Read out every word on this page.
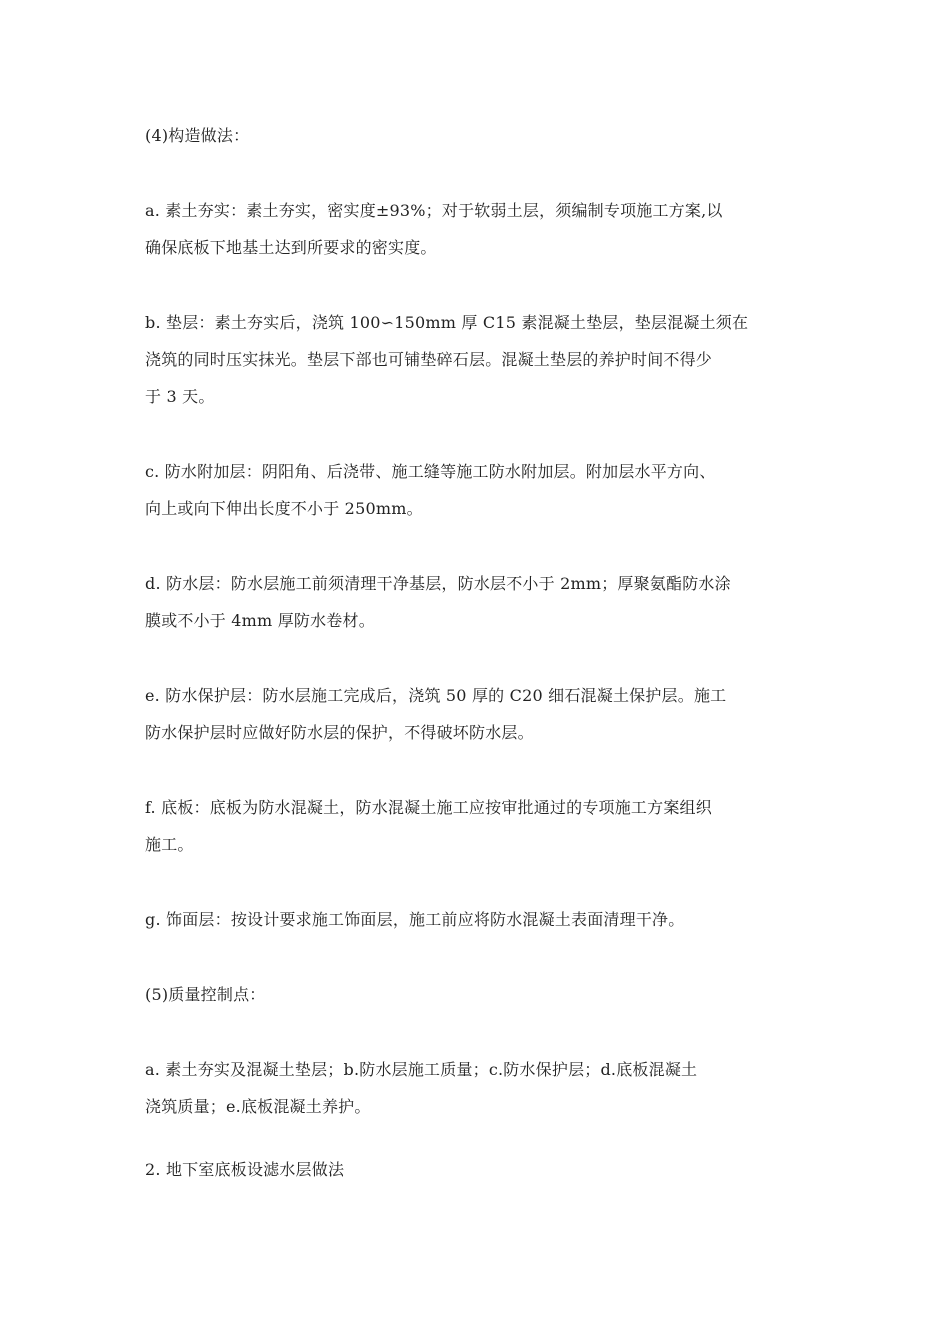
(4)构造做法：
a. 素土夯实：素土夯实，密实度±93%；对于软弱土层，须编制专项施工方案,以
确保底板下地基土达到所要求的密实度。
b. 垫层：素土夯实后，浇筑 100∽150mm 厚 C15 素混凝土垫层，垫层混凝土须在
浇筑的同时压实抹光。垫层下部也可铺垫碎石层。混凝土垫层的养护时间不得少
于 3 天。
c. 防水附加层：阴阳角、后浇带、施工缝等施工防水附加层。附加层水平方向、
向上或向下伸出长度不小于 250mm。
d. 防水层：防水层施工前须清理干净基层，防水层不小于 2mm；厚聚氨酯防水涂
膜或不小于 4mm 厚防水卷材。
e. 防水保护层：防水层施工完成后，浇筑 50 厚的 C20 细石混凝土保护层。施工
防水保护层时应做好防水层的保护，不得破坏防水层。
f. 底板：底板为防水混凝土，防水混凝土施工应按审批通过的专项施工方案组织
施工。
g. 饰面层：按设计要求施工饰面层，施工前应将防水混凝土表面清理干净。
(5)质量控制点：
a. 素土夯实及混凝土垫层；b.防水层施工质量；c.防水保护层；d.底板混凝土
浇筑质量；e.底板混凝土养护。
2. 地下室底板设滤水层做法
